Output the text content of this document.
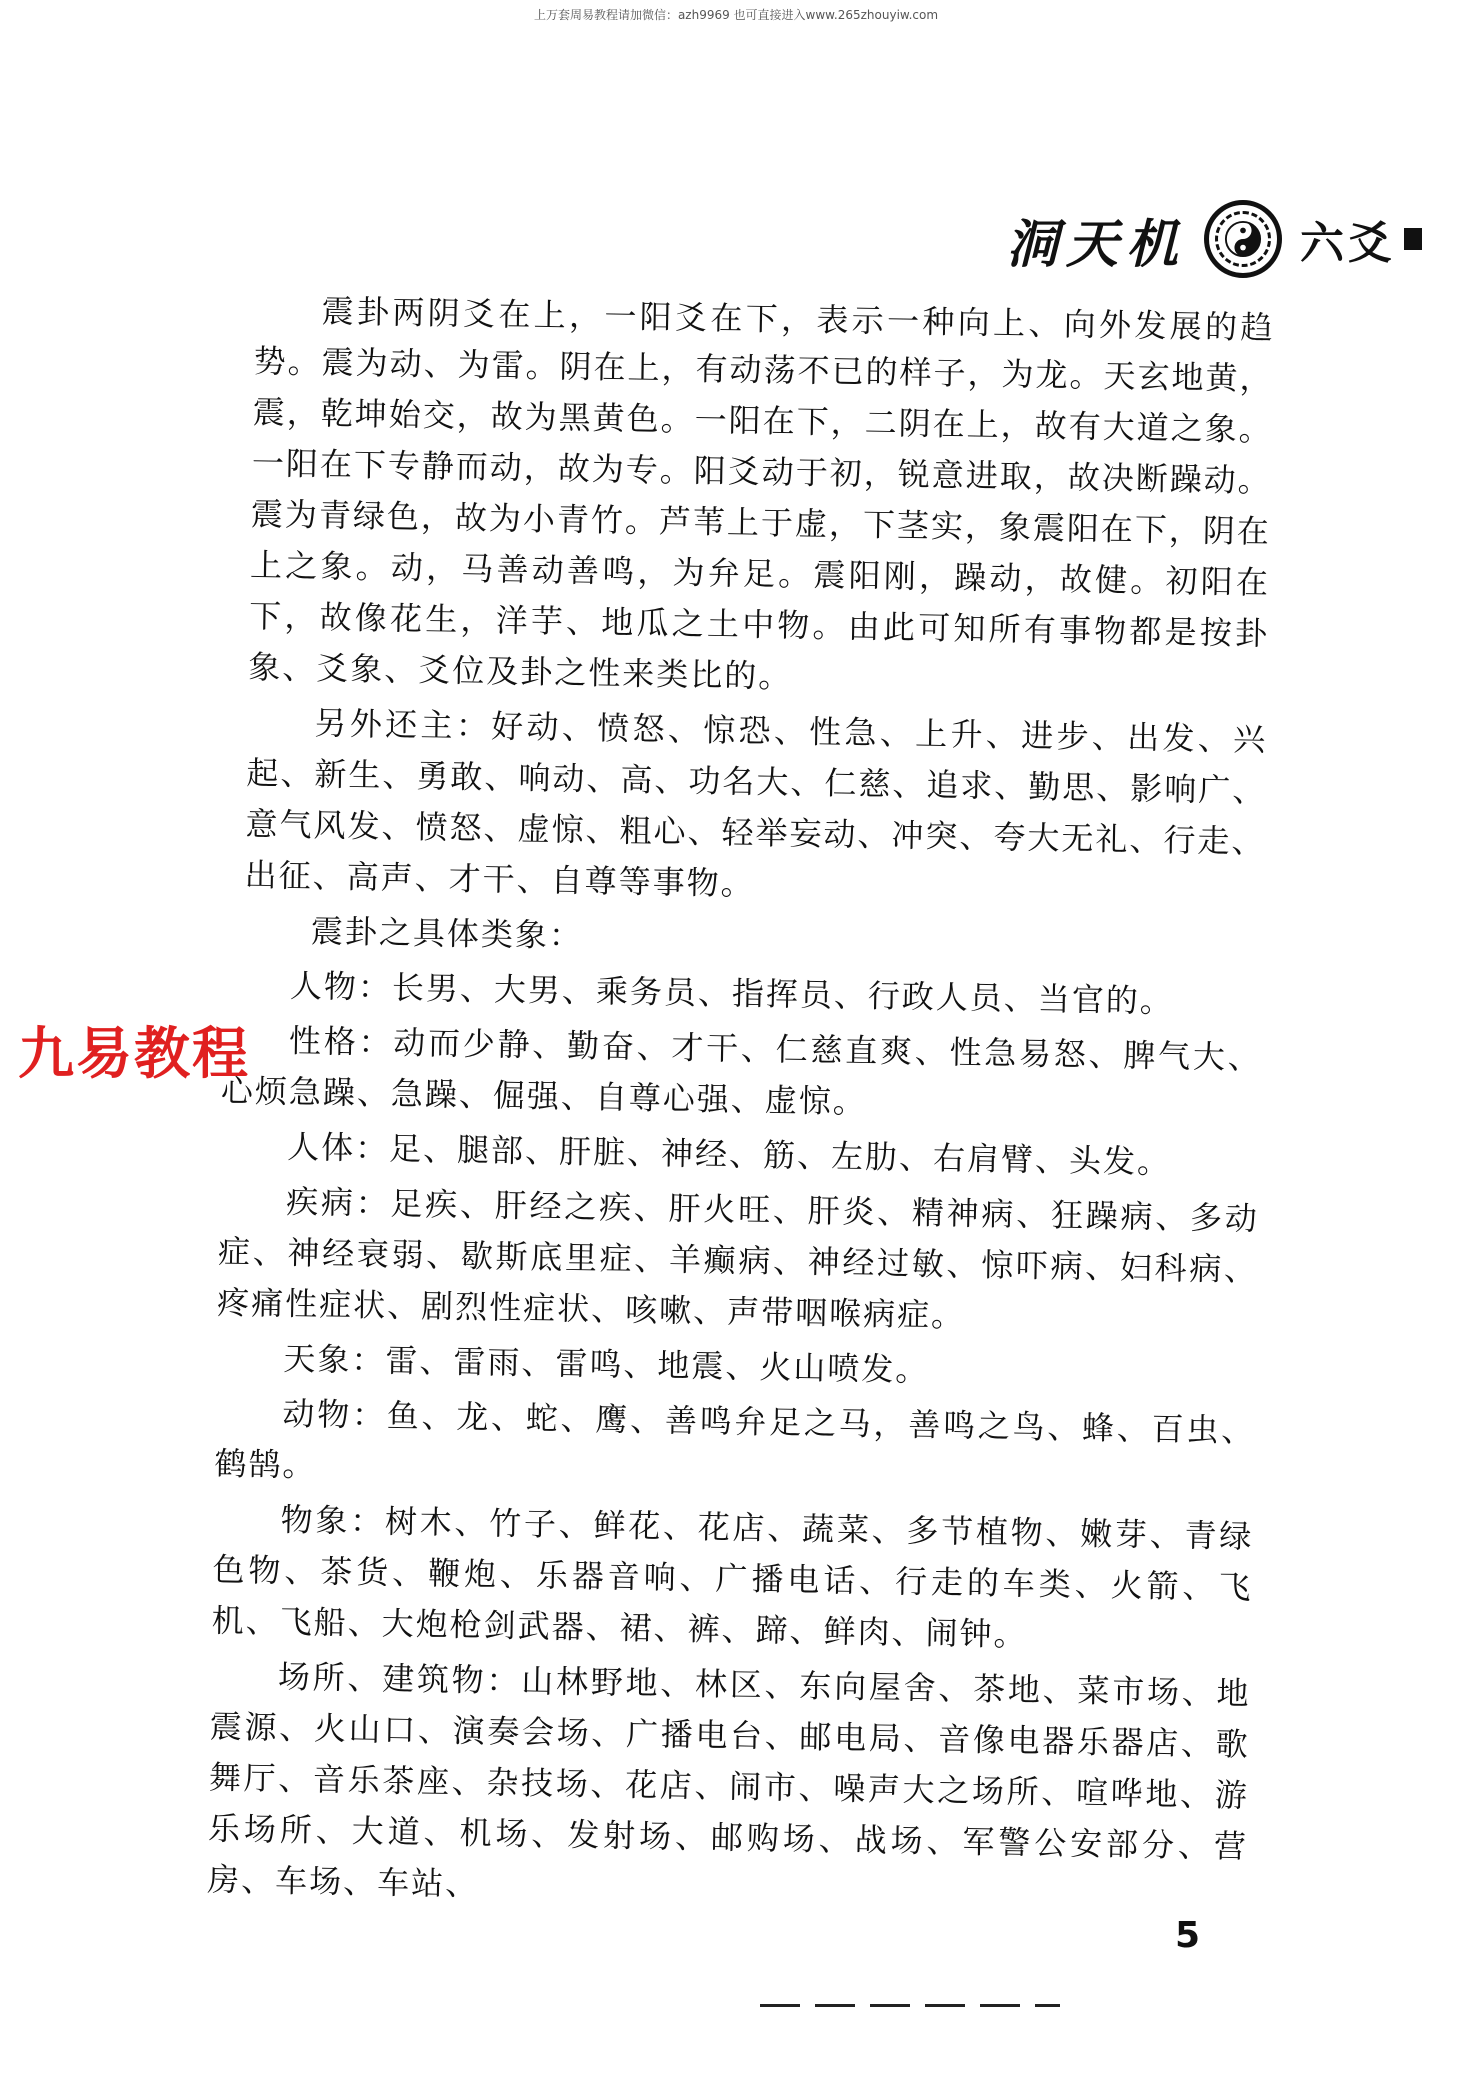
上万套周易教程请加微信：azh9969 也可直接进入www.265zhouyiw.com
洞天机	六爻

震卦两阴爻在上，一阳爻在下，表示一种向上、向外发展的趋势。震为动、为雷。阴在上，有动荡不已的样子，为龙。天玄地黄，震，乾坤始交，故为黑黄色。一阳在下，二阴在上，故有大道之象。一阳在下专静而动，故为专。阳爻动于初，锐意进取，故决断躁动。震为青绿色，故为小青竹。芦苇上于虚，下茎实，象震阳在下，阴在上之象。动，马善动善鸣，为弁足。震阳刚，躁动，故健。初阳在下，故像花生，洋芋、地瓜之土中物。由此可知所有事物都是按卦象、爻象、爻位及卦之性来类比的。

另外还主：好动、愤怒、惊恐、性急、上升、进步、出发、兴起、新生、勇敢、响动、高、功名大、仁慈、追求、勤思、影响广、意气风发、愤怒、虚惊、粗心、轻举妄动、冲突、夸大无礼、行走、出征、高声、才干、自尊等事物。

震卦之具体类象：

人物：长男、大男、乘务员、指挥员、行政人员、当官的。

性格：动而少静、勤奋、才干、仁慈直爽、性急易怒、脾气大、心烦急躁、急躁、倔强、自尊心强、虚惊。

人体：足、腿部、肝脏、神经、筋、左肋、右肩臂、头发。

疾病：足疾、肝经之疾、肝火旺、肝炎、精神病、狂躁病、多动症、神经衰弱、歇斯底里症、羊癫病、神经过敏、惊吓病、妇科病、疼痛性症状、剧烈性症状、咳嗽、声带咽喉病症。

天象：雷、雷雨、雷鸣、地震、火山喷发。

动物：鱼、龙、蛇、鹰、善鸣弁足之马，善鸣之鸟、蜂、百虫、鹤鹄。

物象：树木、竹子、鲜花、花店、蔬菜、多节植物、嫩芽、青绿色物、茶货、鞭炮、乐器音响、广播电话、行走的车类、火箭、飞机、飞船、大炮枪剑武器、裙、裤、蹄、鲜肉、闹钟。

场所、建筑物：山林野地、林区、东向屋舍、茶地、菜市场、地震源、火山口、演奏会场、广播电台、邮电局、音像电器乐器店、歌舞厅、音乐茶座、杂技场、花店、闹市、噪声大之场所、喧哗地、游乐场所、大道、机场、发射场、邮购场、战场、军警公安部分、营房、车场、车站、

九易教程
5
